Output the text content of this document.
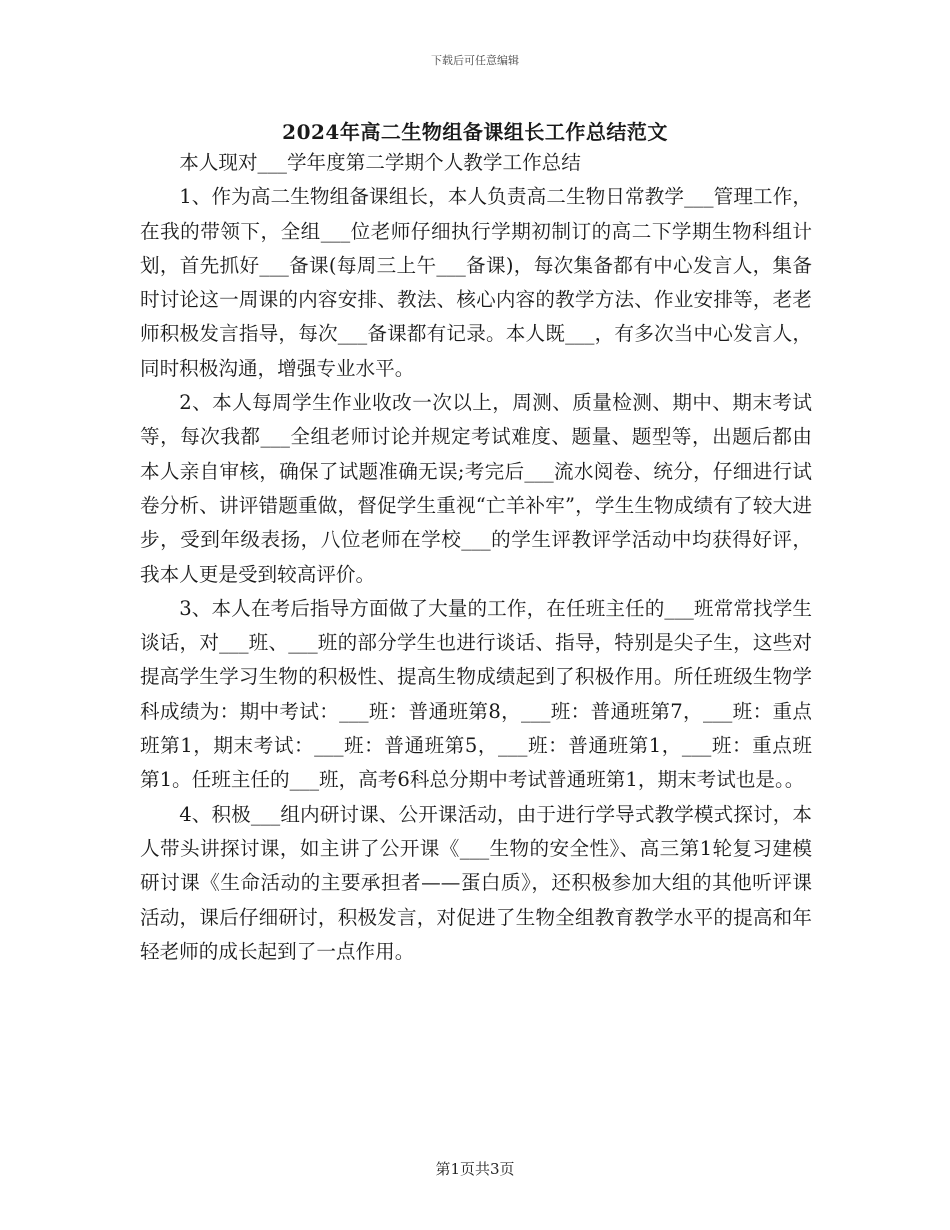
下载后可任意编辑
2024年高二生物组备课组长工作总结范文

本人现对___学年度第二学期个人教学工作总结

1、作为高二生物组备课组长，本人负责高二生物日常教学___管理工作，在我的带领下，全组___位老师仔细执行学期初制订的高二下学期生物科组计划，首先抓好___备课(每周三上午___备课)，每次集备都有中心发言人，集备时讨论这一周课的内容安排、教法、核心内容的教学方法、作业安排等，老老师积极发言指导，每次___备课都有记录。本人既___，有多次当中心发言人，同时积极沟通，增强专业水平。

2、本人每周学生作业收改一次以上，周测、质量检测、期中、期末考试等，每次我都___全组老师讨论并规定考试难度、题量、题型等，出题后都由本人亲自审核，确保了试题准确无误;考完后___流水阅卷、统分，仔细进行试卷分析、讲评错题重做，督促学生重视“亡羊补牢”，学生生物成绩有了较大进步，受到年级表扬，八位老师在学校___的学生评教评学活动中均获得好评，我本人更是受到较高评价。

3、本人在考后指导方面做了大量的工作，在任班主任的___班常常找学生谈话，对___班、___班的部分学生也进行谈话、指导，特别是尖子生，这些对提高学生学习生物的积极性、提高生物成绩起到了积极作用。所任班级生物学科成绩为：期中考试：___班：普通班第8，___班：普通班第7，___班：重点班第1，期末考试：___班：普通班第5，___班：普通班第1，___班：重点班第1。任班主任的___班，高考6科总分期中考试普通班第1，期末考试也是。。

4、积极___组内研讨课、公开课活动，由于进行学导式教学模式探讨，本人带头讲探讨课，如主讲了公开课《___生物的安全性》、高三第1轮复习建模研讨课《生命活动的主要承担者——蛋白质》，还积极参加大组的其他听评课活动，课后仔细研讨，积极发言，对促进了生物全组教育教学水平的提高和年轻老师的成长起到了一点作用。

第1页共3页
